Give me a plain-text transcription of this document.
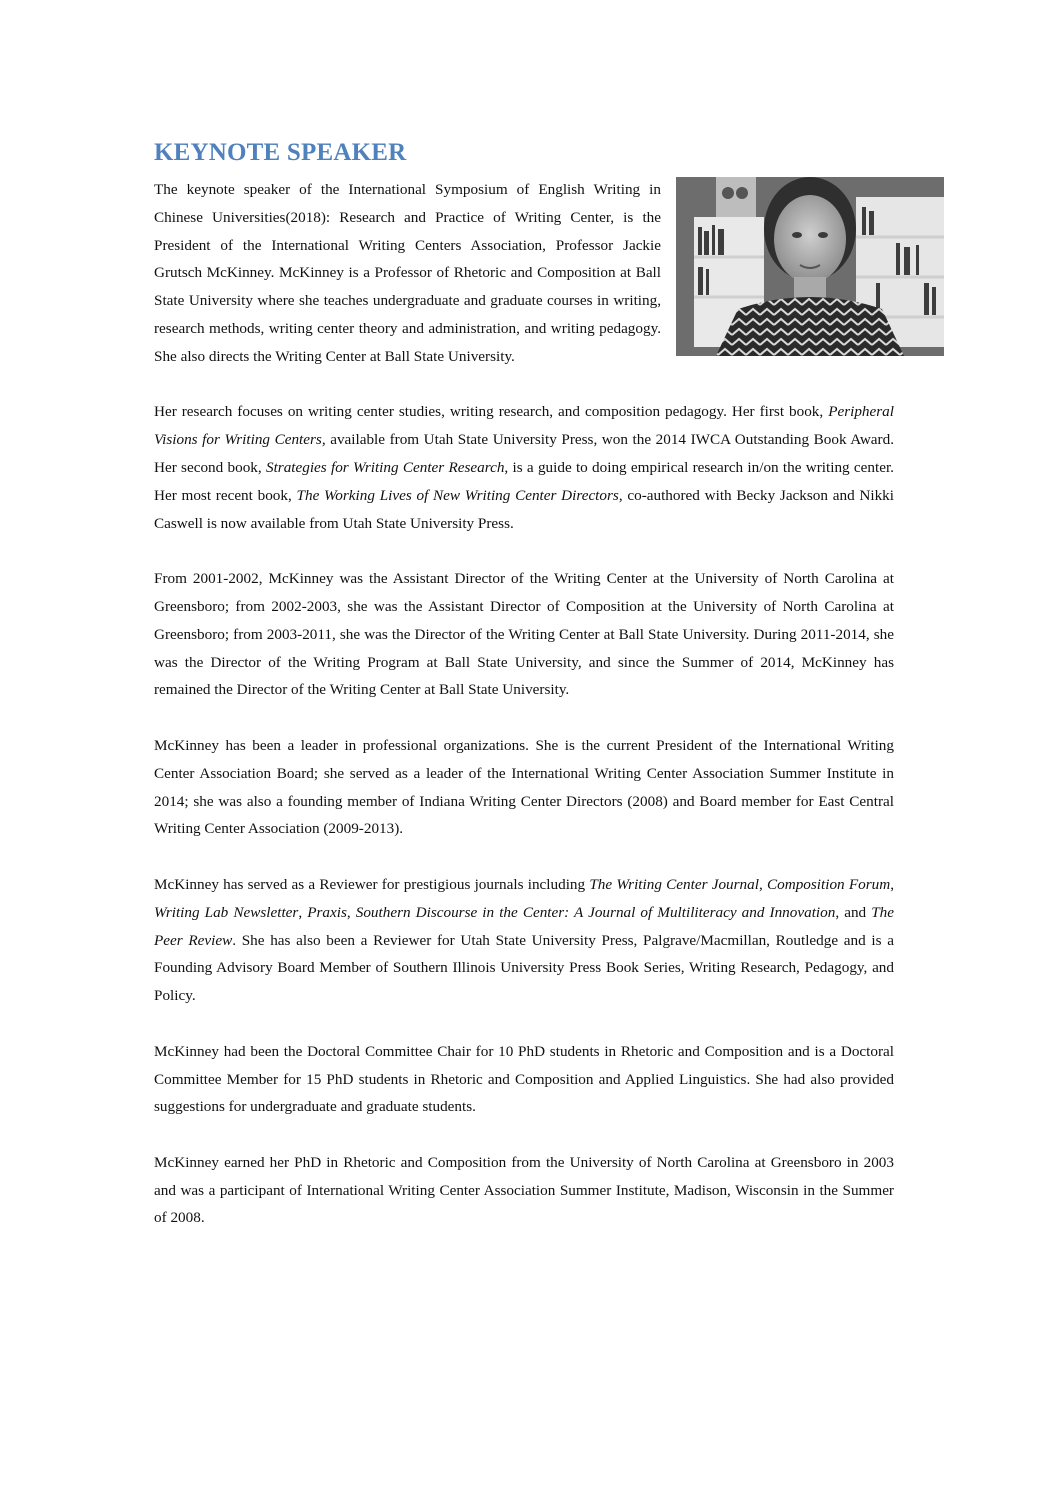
KEYNOTE SPEAKER

The keynote speaker of the International Symposium of English Writing in Chinese Universities(2018): Research and Practice of Writing Center, is the President of the International Writing Centers Association, Professor Jackie Grutsch McKinney. McKinney is a Professor of Rhetoric and Composition at Ball State University where she teaches undergraduate and graduate courses in writing, research methods, writing center theory and administration, and writing pedagogy. She also directs the Writing Center at Ball State University.

Her research focuses on writing center studies, writing research, and composition pedagogy. Her first book, Peripheral Visions for Writing Centers, available from Utah State University Press, won the 2014 IWCA Outstanding Book Award. Her second book, Strategies for Writing Center Research, is a guide to doing empirical research in/on the writing center. Her most recent book, The Working Lives of New Writing Center Directors, co-authored with Becky Jackson and Nikki Caswell is now available from Utah State University Press.

From 2001-2002, McKinney was the Assistant Director of the Writing Center at the University of North Carolina at Greensboro; from 2002-2003, she was the Assistant Director of Composition at the University of North Carolina at Greensboro; from 2003-2011, she was the Director of the Writing Center at Ball State University. During 2011-2014, she was the Director of the Writing Program at Ball State University, and since the Summer of 2014, McKinney has remained the Director of the Writing Center at Ball State University.

McKinney has been a leader in professional organizations. She is the current President of the International Writing Center Association Board; she served as a leader of the International Writing Center Association Summer Institute in 2014; she was also a founding member of Indiana Writing Center Directors (2008) and Board member for East Central Writing Center Association (2009-2013).

McKinney has served as a Reviewer for prestigious journals including The Writing Center Journal, Composition Forum, Writing Lab Newsletter, Praxis, Southern Discourse in the Center: A Journal of Multiliteracy and Innovation, and The Peer Review. She has also been a Reviewer for Utah State University Press, Palgrave/Macmillan, Routledge and is a Founding Advisory Board Member of Southern Illinois University Press Book Series, Writing Research, Pedagogy, and Policy.

McKinney had been the Doctoral Committee Chair for 10 PhD students in Rhetoric and Composition and is a Doctoral Committee Member for 15 PhD students in Rhetoric and Composition and Applied Linguistics. She had also provided suggestions for undergraduate and graduate students.

McKinney earned her PhD in Rhetoric and Composition from the University of North Carolina at Greensboro in 2003 and was a participant of International Writing Center Association Summer Institute, Madison, Wisconsin in the Summer of 2008.
